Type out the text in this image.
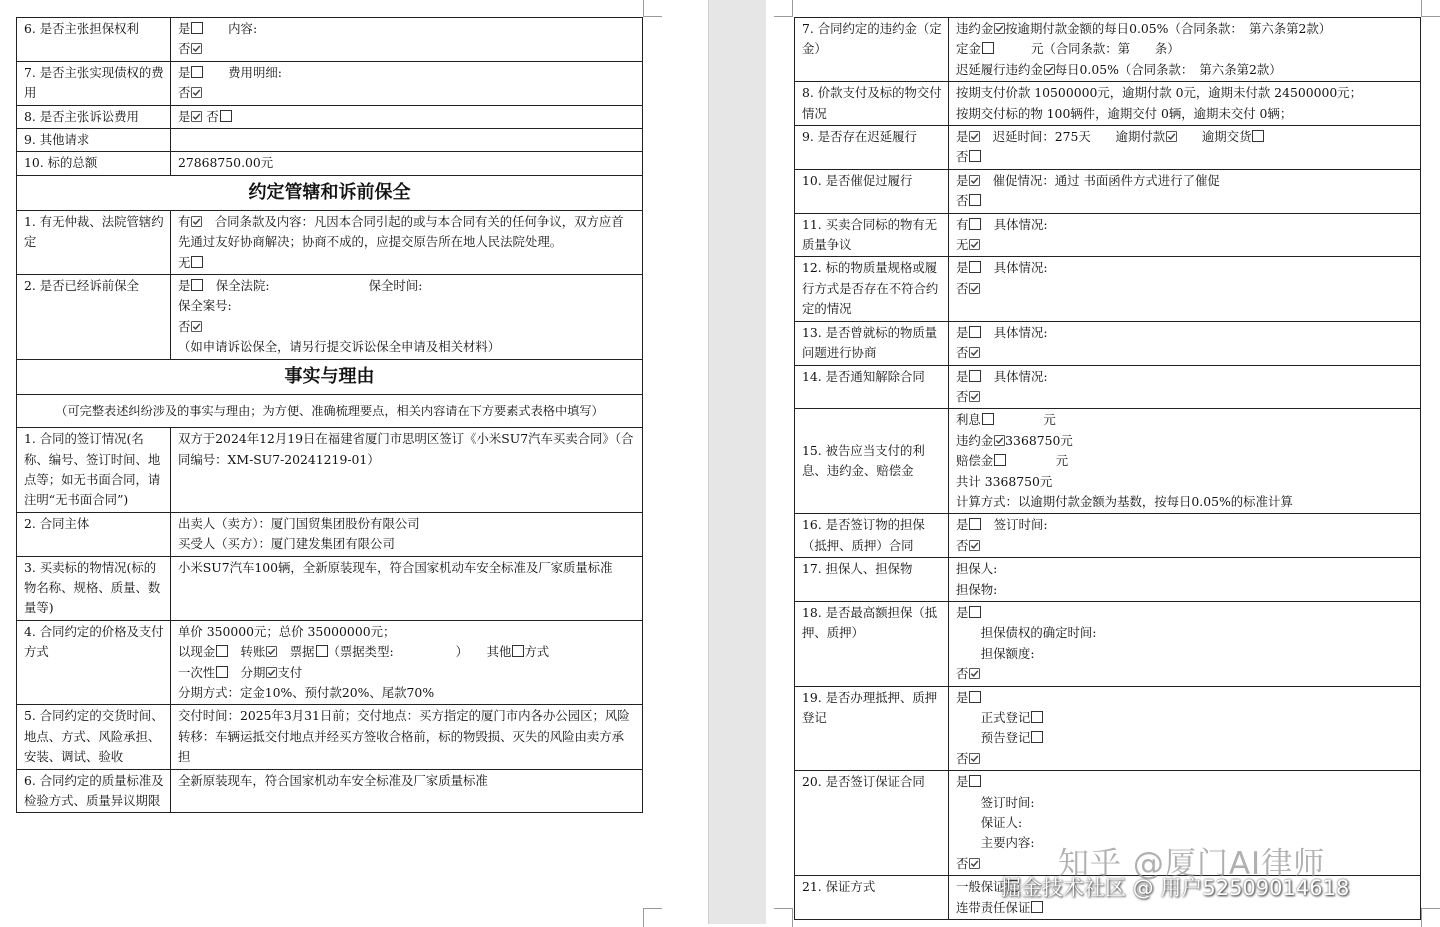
6. 是否主张担保权利	是　　内容:
否

7. 是否主张实现债权的费用	是　　费用明细:
否

8. 是否主张诉讼费用	是 否

9. 其他请求	
10. 标的总额	27868750.00元

约定管辖和诉前保全	
1. 有无仲裁、法院管辖约定	有　合同条款及内容：凡因本合同引起的或与本合同有关的任何争议，双方应首先通过友好协商解决；协商不成的，应提交原告所在地人民法院处理。
无

2. 是否已经诉前保全	是　保全法院:　　　　　　　　保全时间:
保全案号:
否
（如申请诉讼保全，请另行提交诉讼保全申请及相关材料）

事实与理由	
（可完整表述纠纷涉及的事实与理由；为方便、准确梳理要点，相关内容请在下方要素式表格中填写）	
1. 合同的签订情况(名称、编号、签订时间、地点等；如无书面合同，请注明“无书面合同”)	双方于2024年12月19日在福建省厦门市思明区签订《小米SU7汽车买卖合同》（合同编号：XM-SU7-20241219-01）

2. 合同主体	出卖人（卖方）：厦门国贸集团股份有限公司
买受人（买方）：厦门建发集团有限公司

3. 买卖标的物情况(标的物名称、规格、质量、数量等)	小米SU7汽车100辆，全新原装现车，符合国家机动车安全标准及厂家质量标准

4. 合同约定的价格及支付方式	单价 350000元；总价 35000000元；
以现金　转账　票据 （票据类型:　　　　　）　　其他 方式
一次性　分期 支付
分期方式：定金10%、预付款20%、尾款70%

5. 合同约定的交货时间、地点、方式、风险承担、安装、调试、验收	交付时间：2025年3月31日前；交付地点：买方指定的厦门市内各办公园区；风险转移：车辆运抵交付地点并经买方签收合格前，标的物毁损、灭失的风险由卖方承担

6. 合同约定的质量标准及检验方式、质量异议期限	全新原装现车，符合国家机动车安全标准及厂家质量标准
7. 合同约定的违约金（定金）	违约金 按逾期付款金额的每日0.05%（合同条款：　第六条第2款）
定金　　　元（合同条款：第　　条）
迟延履行违约金 每日0.05%（合同条款：　第六条第2款）

8. 价款支付及标的物交付情况	按期支付价款 10500000元，逾期付款 0元，逾期未付款 24500000元；
按期交付标的物 100辆件，逾期交付 0辆，逾期未交付 0辆；

9. 是否存在迟延履行	是　迟延时间：275天　　逾期付款　　逾期交货
否

10. 是否催促过履行	是　催促情况：通过 书面函件方式进行了催促
否

11. 买卖合同标的物有无质量争议	有　具体情况:
无

12. 标的物质量规格或履行方式是否存在不符合约定的情况	是　具体情况:
否

13. 是否曾就标的物质量问题进行协商	是　具体情况:
否

14. 是否通知解除合同	是　具体情况:
否

15. 被告应当支付的利息、违约金、赔偿金	利息　　　　元
违约金 3368750元
赔偿金　　　　元
共计 3368750元
计算方式：以逾期付款金额为基数，按每日0.05%的标准计算

16. 是否签订物的担保（抵押、质押）合同	是　签订时间:
否

17. 担保人、担保物	担保人:
担保物:

18. 是否最高额担保（抵押、质押）	是
　　担保债权的确定时间:
　　担保额度:
否

19. 是否办理抵押、质押登记	是
　　正式登记
　　预告登记
否

20. 是否签订保证合同	是
　　签订时间:
　　保证人:
　　主要内容:
否

21. 保证方式	一般保证
连带责任保证
知乎 @厦门AI律师
掘金技术社区 @ 用户52509014618
